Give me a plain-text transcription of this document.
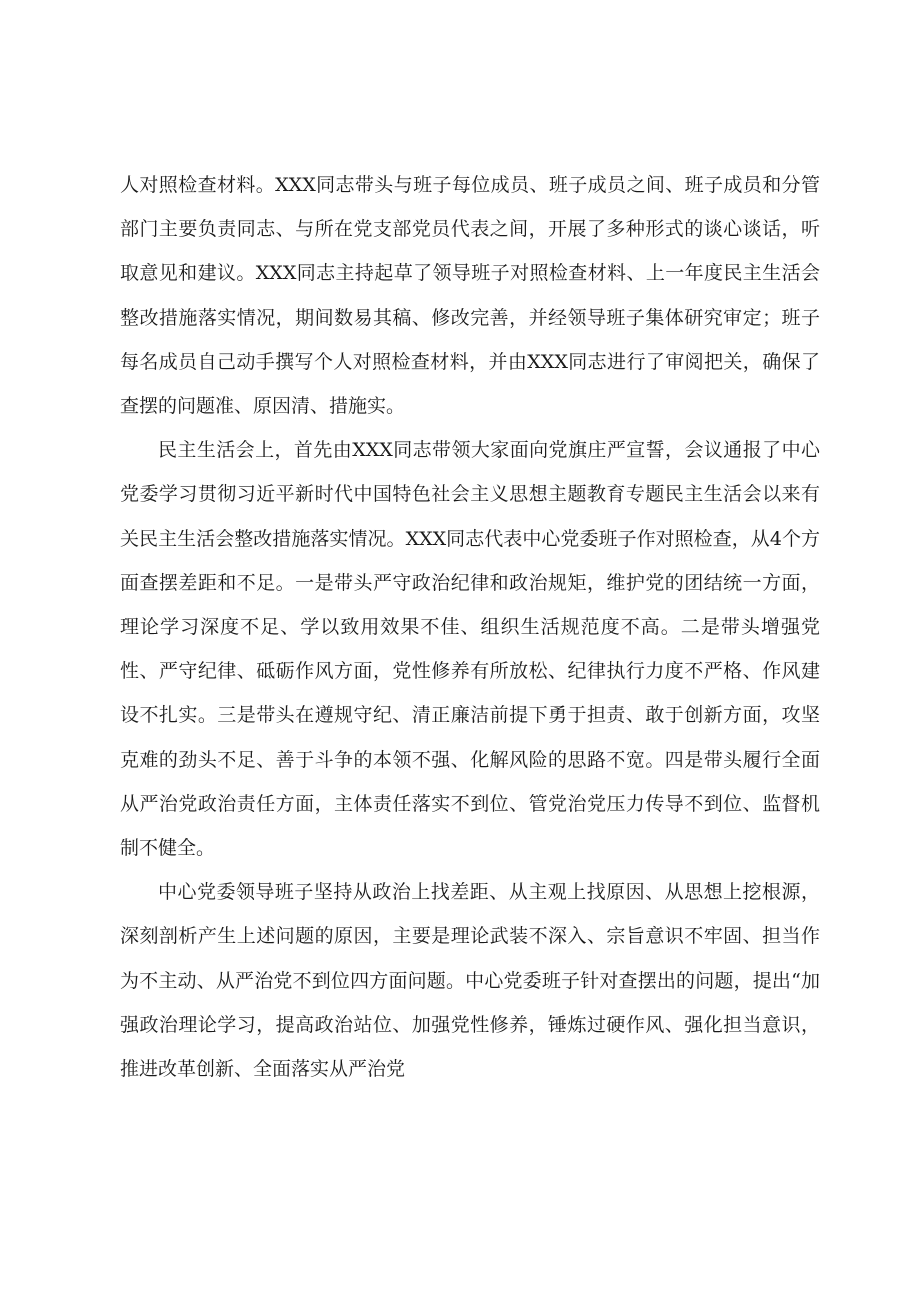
人对照检查材料。XXX同志带头与班子每位成员、班子成员之间、班子成员和分管部门主要负责同志、与所在党支部党员代表之间，开展了多种形式的谈心谈话，听取意见和建议。XXX同志主持起草了领导班子对照检查材料、上一年度民主生活会整改措施落实情况，期间数易其稿、修改完善，并经领导班子集体研究审定；班子每名成员自己动手撰写个人对照检查材料，并由XXX同志进行了审阅把关，确保了查摆的问题准、原因清、措施实。

民主生活会上，首先由XXX同志带领大家面向党旗庄严宣誓，会议通报了中心党委学习贯彻习近平新时代中国特色社会主义思想主题教育专题民主生活会以来有关民主生活会整改措施落实情况。XXX同志代表中心党委班子作对照检查，从4个方面查摆差距和不足。一是带头严守政治纪律和政治规矩，维护党的团结统一方面，理论学习深度不足、学以致用效果不佳、组织生活规范度不高。二是带头增强党性、严守纪律、砥砺作风方面，党性修养有所放松、纪律执行力度不严格、作风建设不扎实。三是带头在遵规守纪、清正廉洁前提下勇于担责、敢于创新方面，攻坚克难的劲头不足、善于斗争的本领不强、化解风险的思路不宽。四是带头履行全面从严治党政治责任方面，主体责任落实不到位、管党治党压力传导不到位、监督机制不健全。

中心党委领导班子坚持从政治上找差距、从主观上找原因、从思想上挖根源，深刻剖析产生上述问题的原因，主要是理论武装不深入、宗旨意识不牢固、担当作为不主动、从严治党不到位四方面问题。中心党委班子针对查摆出的问题，提出“加强政治理论学习，提高政治站位、加强党性修养，锤炼过硬作风、强化担当意识，推进改革创新、全面落实从严治党
